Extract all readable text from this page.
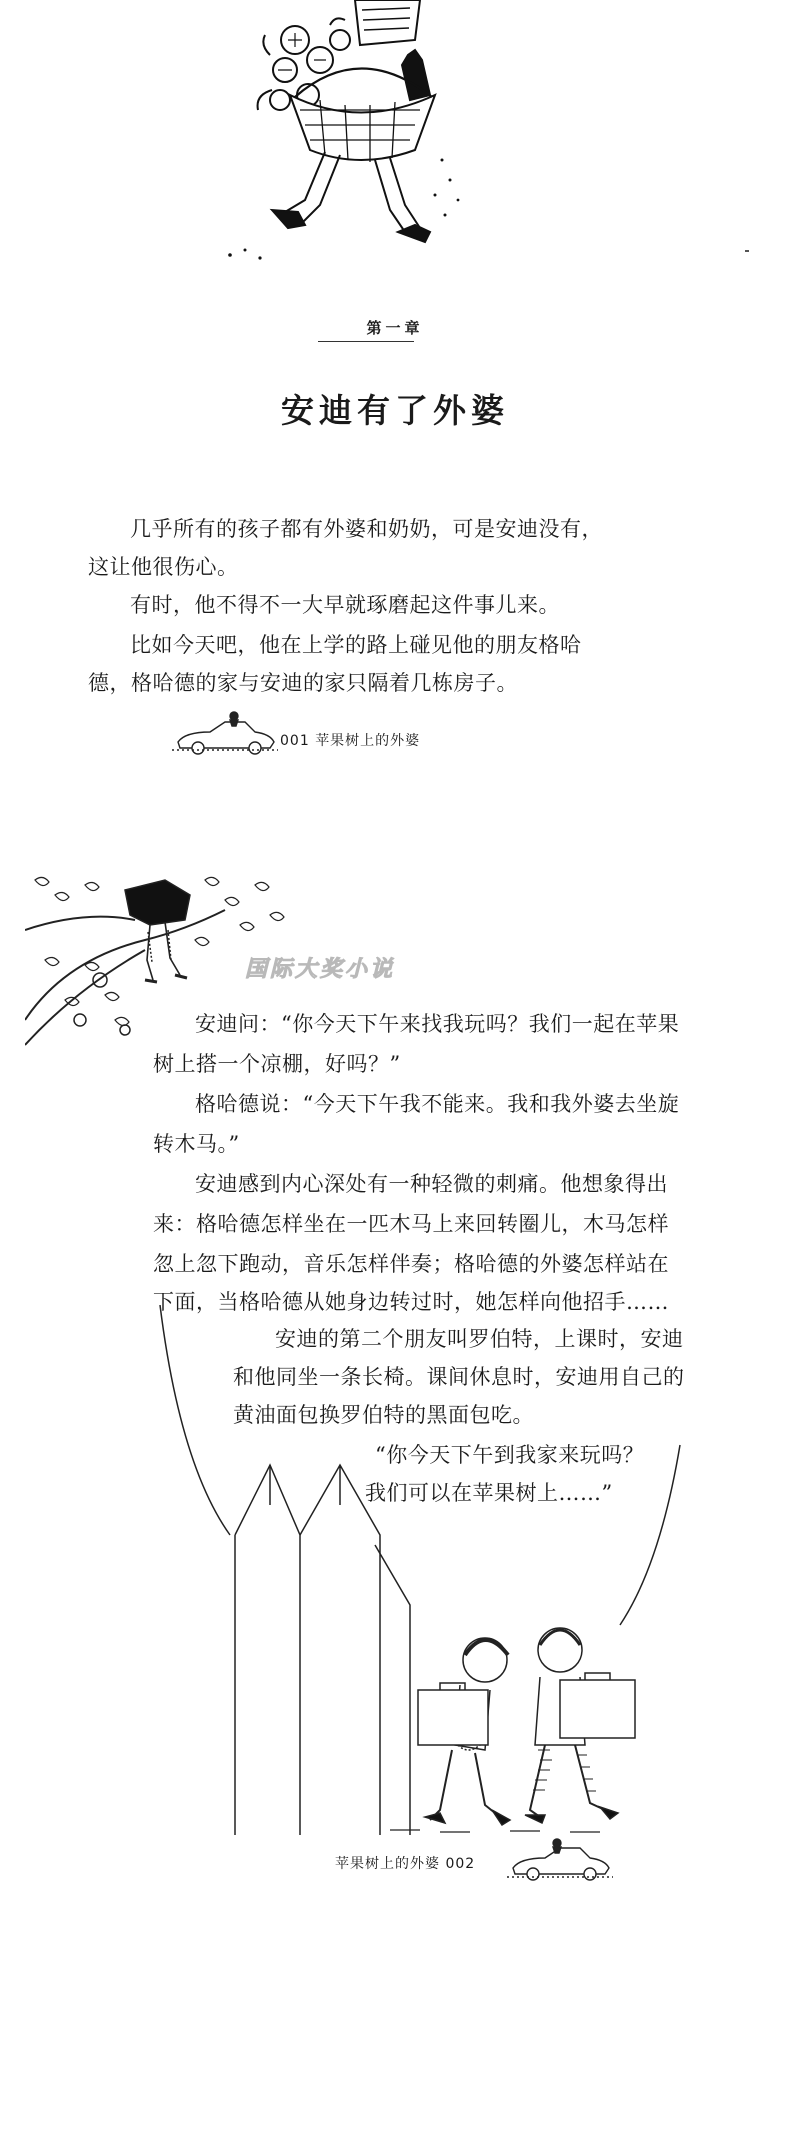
第一章
安迪有了外婆

几乎所有的孩子都有外婆和奶奶，可是安迪没有，

这让他很伤心。

有时，他不得不一大早就琢磨起这件事儿来。

比如今天吧，他在上学的路上碰见他的朋友格哈

德，格哈德的家与安迪的家只隔着几栋房子。

001 苹果树上的外婆
国际大奖小说

安迪问：“你今天下午来找我玩吗？我们一起在苹果

树上搭一个凉棚，好吗？”

格哈德说：“今天下午我不能来。我和我外婆去坐旋

转木马。”

安迪感到内心深处有一种轻微的刺痛。他想象得出

来：格哈德怎样坐在一匹木马上来回转圈儿，木马怎样

忽上忽下跑动，音乐怎样伴奏；格哈德的外婆怎样站在

下面，当格哈德从她身边转过时，她怎样向他招手……

安迪的第二个朋友叫罗伯特，上课时，安迪

和他同坐一条长椅。课间休息时，安迪用自己的

黄油面包换罗伯特的黑面包吃。

“你今天下午到我家来玩吗？

我们可以在苹果树上……”

苹果树上的外婆 002
